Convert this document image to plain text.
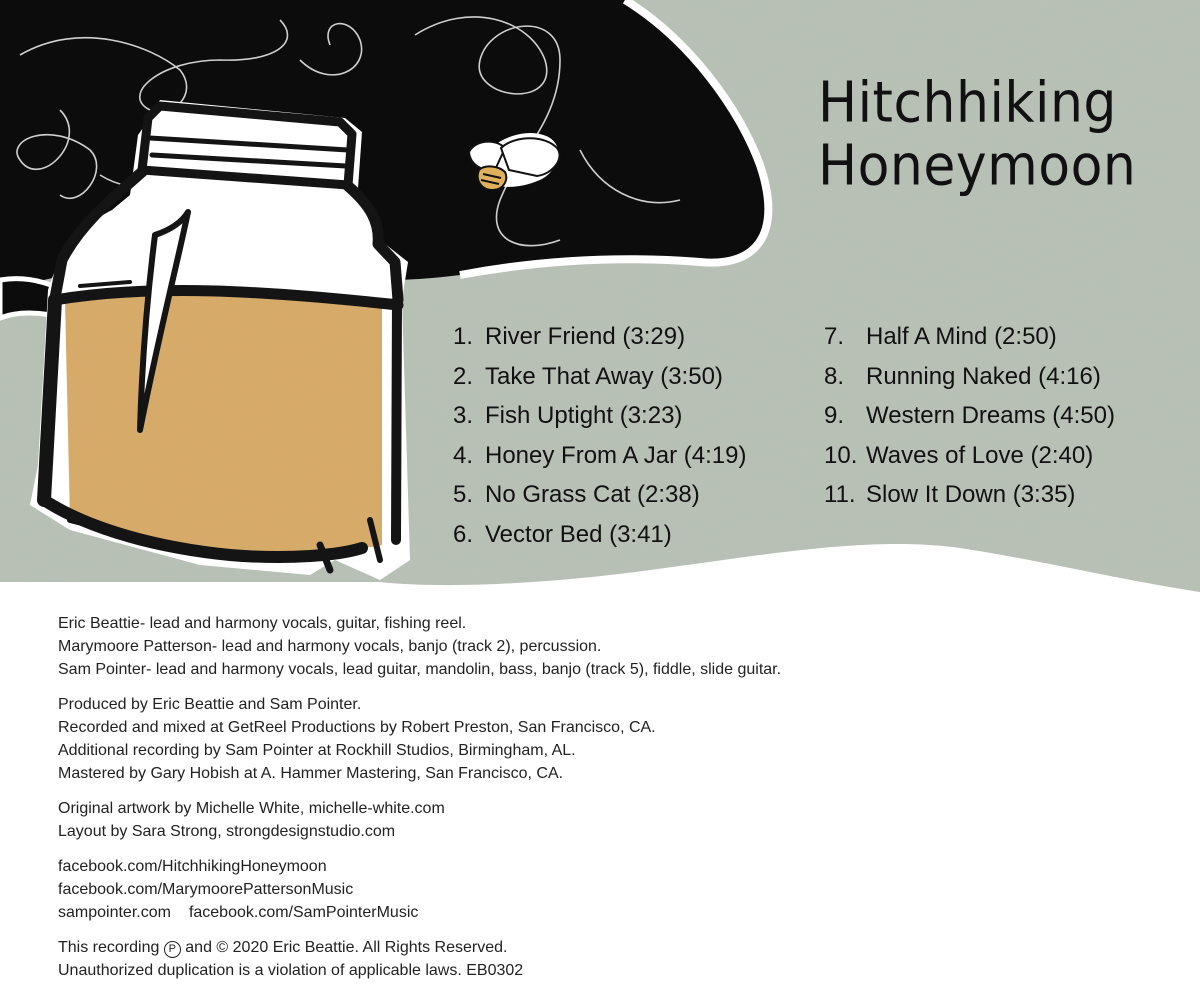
Hitchhiking
Honeymoon
1. River Friend (3:29)
2. Take That Away (3:50)
3. Fish Uptight (3:23)
4. Honey From A Jar (4:19)
5. No Grass Cat (2:38)
6. Vector Bed (3:41)
7. Half A Mind (2:50)
8. Running Naked (4:16)
9. Western Dreams (4:50)
10. Waves of Love (2:40)
11. Slow It Down (3:35)
Eric Beattie- lead and harmony vocals, guitar, fishing reel.
Marymoore Patterson- lead and harmony vocals, banjo (track 2), percussion.
Sam Pointer- lead and harmony vocals, lead guitar, mandolin, bass, banjo (track 5), fiddle, slide guitar.
Produced by Eric Beattie and Sam Pointer.
Recorded and mixed at GetReel Productions by Robert Preston, San Francisco, CA.
Additional recording by Sam Pointer at Rockhill Studios, Birmingham, AL.
Mastered by Gary Hobish at A. Hammer Mastering, San Francisco, CA.
Original artwork by Michelle White, michelle-white.com
Layout by Sara Strong, strongdesignstudio.com
facebook.com/HitchhikingHoneymoon
facebook.com/MarymoorePattersonMusic
sampointer.com facebook.com/SamPointerMusic
This recording P and © 2020 Eric Beattie. All Rights Reserved.
Unauthorized duplication is a violation of applicable laws. EB0302
